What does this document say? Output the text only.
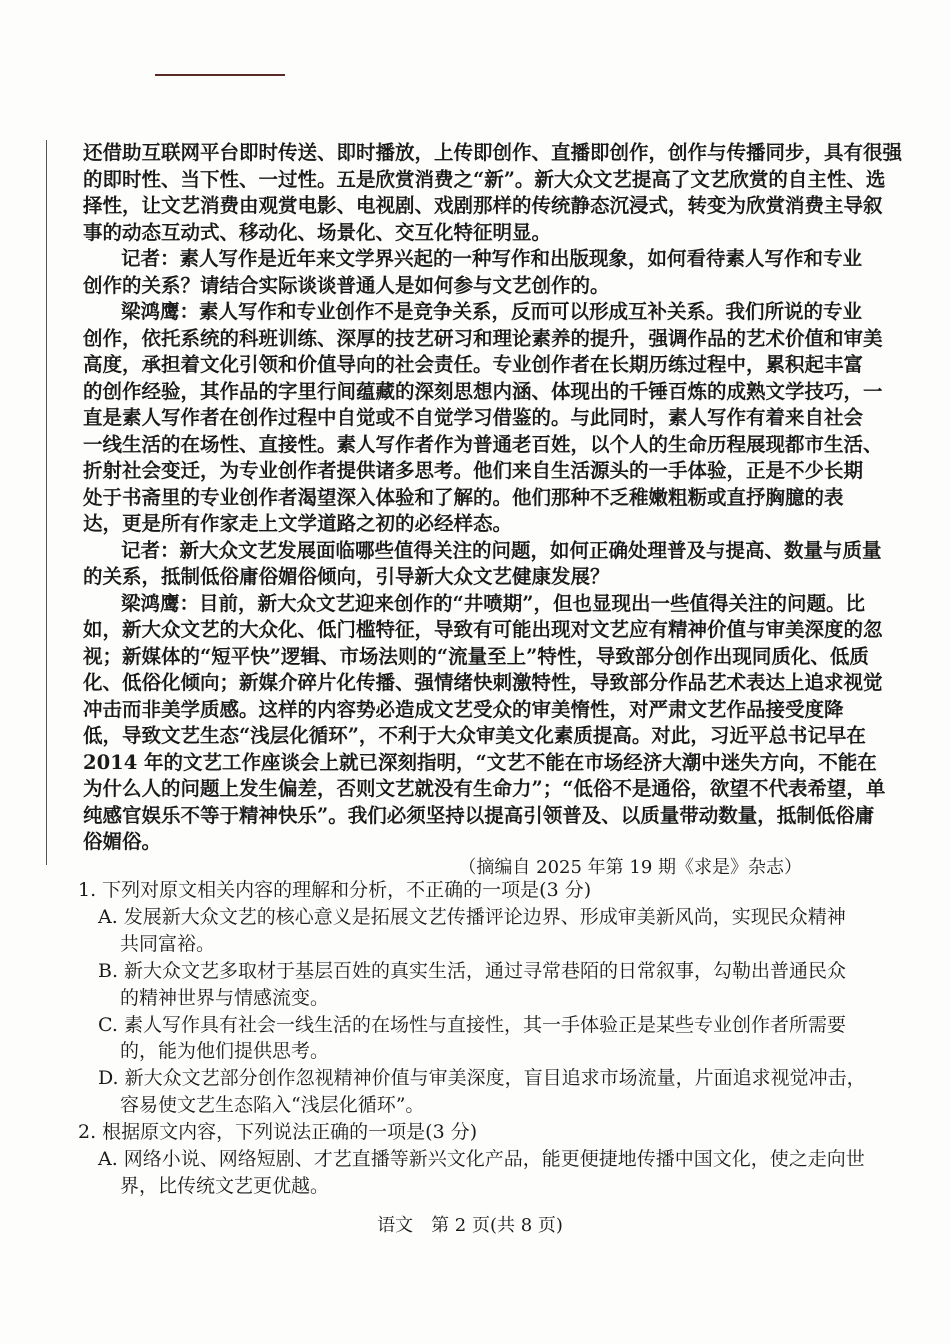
还借助互联网平台即时传送、即时播放，上传即创作、直播即创作，创作与传播同步，具有很强
的即时性、当下性、一过性。五是欣赏消费之“新”。新大众文艺提高了文艺欣赏的自主性、选
择性，让文艺消费由观赏电影、电视剧、戏剧那样的传统静态沉浸式，转变为欣赏消费主导叙
事的动态互动式、移动化、场景化、交互化特征明显。
记者：素人写作是近年来文学界兴起的一种写作和出版现象，如何看待素人写作和专业
创作的关系？请结合实际谈谈普通人是如何参与文艺创作的。
梁鸿鹰：素人写作和专业创作不是竞争关系，反而可以形成互补关系。我们所说的专业
创作，依托系统的科班训练、深厚的技艺研习和理论素养的提升，强调作品的艺术价值和审美
高度，承担着文化引领和价值导向的社会责任。专业创作者在长期历练过程中，累积起丰富
的创作经验，其作品的字里行间蕴藏的深刻思想内涵、体现出的千锤百炼的成熟文学技巧，一
直是素人写作者在创作过程中自觉或不自觉学习借鉴的。与此同时，素人写作有着来自社会
一线生活的在场性、直接性。素人写作者作为普通老百姓，以个人的生命历程展现都市生活、
折射社会变迁，为专业创作者提供诸多思考。他们来自生活源头的一手体验，正是不少长期
处于书斋里的专业创作者渴望深入体验和了解的。他们那种不乏稚嫩粗粝或直抒胸臆的表
达，更是所有作家走上文学道路之初的必经样态。
记者：新大众文艺发展面临哪些值得关注的问题，如何正确处理普及与提高、数量与质量
的关系，抵制低俗庸俗媚俗倾向，引导新大众文艺健康发展？
梁鸿鹰：目前，新大众文艺迎来创作的“井喷期”，但也显现出一些值得关注的问题。比
如，新大众文艺的大众化、低门槛特征，导致有可能出现对文艺应有精神价值与审美深度的忽
视；新媒体的“短平快”逻辑、市场法则的“流量至上”特性，导致部分创作出现同质化、低质
化、低俗化倾向；新媒介碎片化传播、强情绪快刺激特性，导致部分作品艺术表达上追求视觉
冲击而非美学质感。这样的内容势必造成文艺受众的审美惰性，对严肃文艺作品接受度降
低，导致文艺生态“浅层化循环”，不利于大众审美文化素质提高。对此，习近平总书记早在
2014 年的文艺工作座谈会上就已深刻指明，“文艺不能在市场经济大潮中迷失方向，不能在
为什么人的问题上发生偏差，否则文艺就没有生命力”；“低俗不是通俗，欲望不代表希望，单
纯感官娱乐不等于精神快乐”。我们必须坚持以提高引领普及、以质量带动数量，抵制低俗庸
俗媚俗。
（摘编自 2025 年第 19 期《求是》杂志）
1. 下列对原文相关内容的理解和分析，不正确的一项是(3 分)
A. 发展新大众文艺的核心意义是拓展文艺传播评论边界、形成审美新风尚，实现民众精神
共同富裕。
B. 新大众文艺多取材于基层百姓的真实生活，通过寻常巷陌的日常叙事，勾勒出普通民众
的精神世界与情感流变。
C. 素人写作具有社会一线生活的在场性与直接性，其一手体验正是某些专业创作者所需要
的，能为他们提供思考。
D. 新大众文艺部分创作忽视精神价值与审美深度，盲目追求市场流量，片面追求视觉冲击，
容易使文艺生态陷入“浅层化循环”。
2. 根据原文内容，下列说法正确的一项是(3 分)
A. 网络小说、网络短剧、才艺直播等新兴文化产品，能更便捷地传播中国文化，使之走向世
界，比传统文艺更优越。
语文　第 2 页(共 8 页)
